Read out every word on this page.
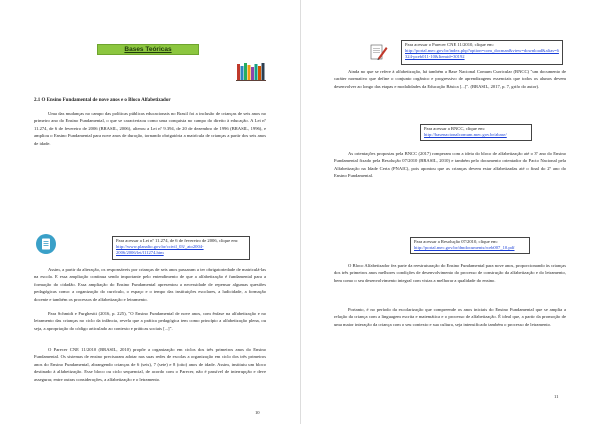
Bases Teóricas
2.1 O Ensino Fundamental de nove anos e o Bloco Alfabetizador

Uma das mudanças no campo das políticas públicas educacionais no Brasil foi a inclusão de crianças de seis anos no primeiro ano do Ensino Fundamental, o que se caracterizou como uma conquista no campo do direito à educação. A Lei nº 11.274, de 6 de fevereiro de 2006 (BRASIL, 2006), alterou a Lei nº 9.394, de 20 de dezembro de 1996 (BRASIL, 1996), e ampliou o Ensino Fundamental para nove anos de duração, tornando obrigatória a matrícula de crianças a partir dos seis anos de idade.

Para acessar a Lei nº 11.274, de 6 de fevereiro de 2006, clique em:
http://www.planalto.gov.br/ccivil_03/_ato2004-2006/2006/lei/l11274.htm

Assim, a partir da alteração, os responsáveis por crianças de seis anos passaram a ter obrigatoriedade de matriculá-las na escola. E essa ampliação continua sendo importante pelo entendimento de que a alfabetização é fundamental para a formação do cidadão. Essa ampliação do Ensino Fundamental apresentou a necessidade de repensar algumas questões pedagógicas como: a organização do currículo, o espaço e o tempo das instituições escolares, a ludicidade, a formação docente e também os processos de alfabetização e letramento.

Para Schmidt e Furghestti (2016, p. 225), "O Ensino Fundamental de nove anos, com ênfase na alfabetização e no letramento das crianças no ciclo da infância, revela que a prática pedagógica tem como princípio a alfabetização plena, ou seja, a apropriação do código articulado ao contexto e práticas sociais [...]".

O Parecer CNE 11/2010 (BRASIL, 2010) propõe a organização em ciclos dos três primeiros anos do Ensino Fundamental. Os sistemas de ensino precisaram adotar nas suas redes de escolas a organização em ciclo dos três primeiros anos do Ensino Fundamental, abrangendo crianças de 6 (seis), 7 (sete) e 8 (oito) anos de idade. Assim, instituiu um bloco destinado à alfabetização. Esse bloco ou ciclo sequencial, de acordo com o Parecer, não é passível de interrupção e deve assegurar, entre outras considerações, a alfabetização e o letramento.

10
Para acessar o Parecer CNE 11/2010, clique em:
http://portal.mec.gov.br/index.php?option=com_docman&view=download&alias=6324-pceb011-10&Itemid=30192

Ainda no que se refere à alfabetização, há também a Base Nacional Comum Curricular (BNCC) "um documento de caráter normativo que define o conjunto orgânico e progressivo de aprendizagens essenciais que todos os alunos devem desenvolver ao longo das etapas e modalidades da Educação Básica [...]". (BRASIL, 2017, p. 7, grifo do autor).

Para acessar a BNCC, clique em:
http://basenacionalcomum.mec.gov.br/abase/

As orientações propostas pela BNCC (2017) romperam com a ideia do bloco de alfabetização até o 3º ano do Ensino Fundamental fixado pela Resolução 07/2010 (BRASIL, 2010) e também pelo documento orientador do Pacto Nacional pela Alfabetização na Idade Certa (PNAIC), pois apontou que as crianças devem estar alfabetizadas até o final do 2º ano do Ensino Fundamental.

Para acessar a Resolução 07/2010, clique em:
http://portal.mec.gov.br/dmdocuments/rceb007_10.pdf

O Bloco Alfabetizador fez parte da reestruturação do Ensino Fundamental para nove anos, proporcionando às crianças dos três primeiros anos melhores condições de desenvolvimento do processo de construção da alfabetização e do letramento, bem como o seu desenvolvimento integral com vistas a melhorar a qualidade do ensino.

Portanto, é no período da escolarização que compreende os anos iniciais do Ensino Fundamental que se amplia a relação da criança com a linguagem escrita e matemática e o processo de alfabetização. É ideal que, a partir da promoção de uma maior interação da criança com o seu contexto e sua cultura, seja intensificado também o processo de letramento.

11
